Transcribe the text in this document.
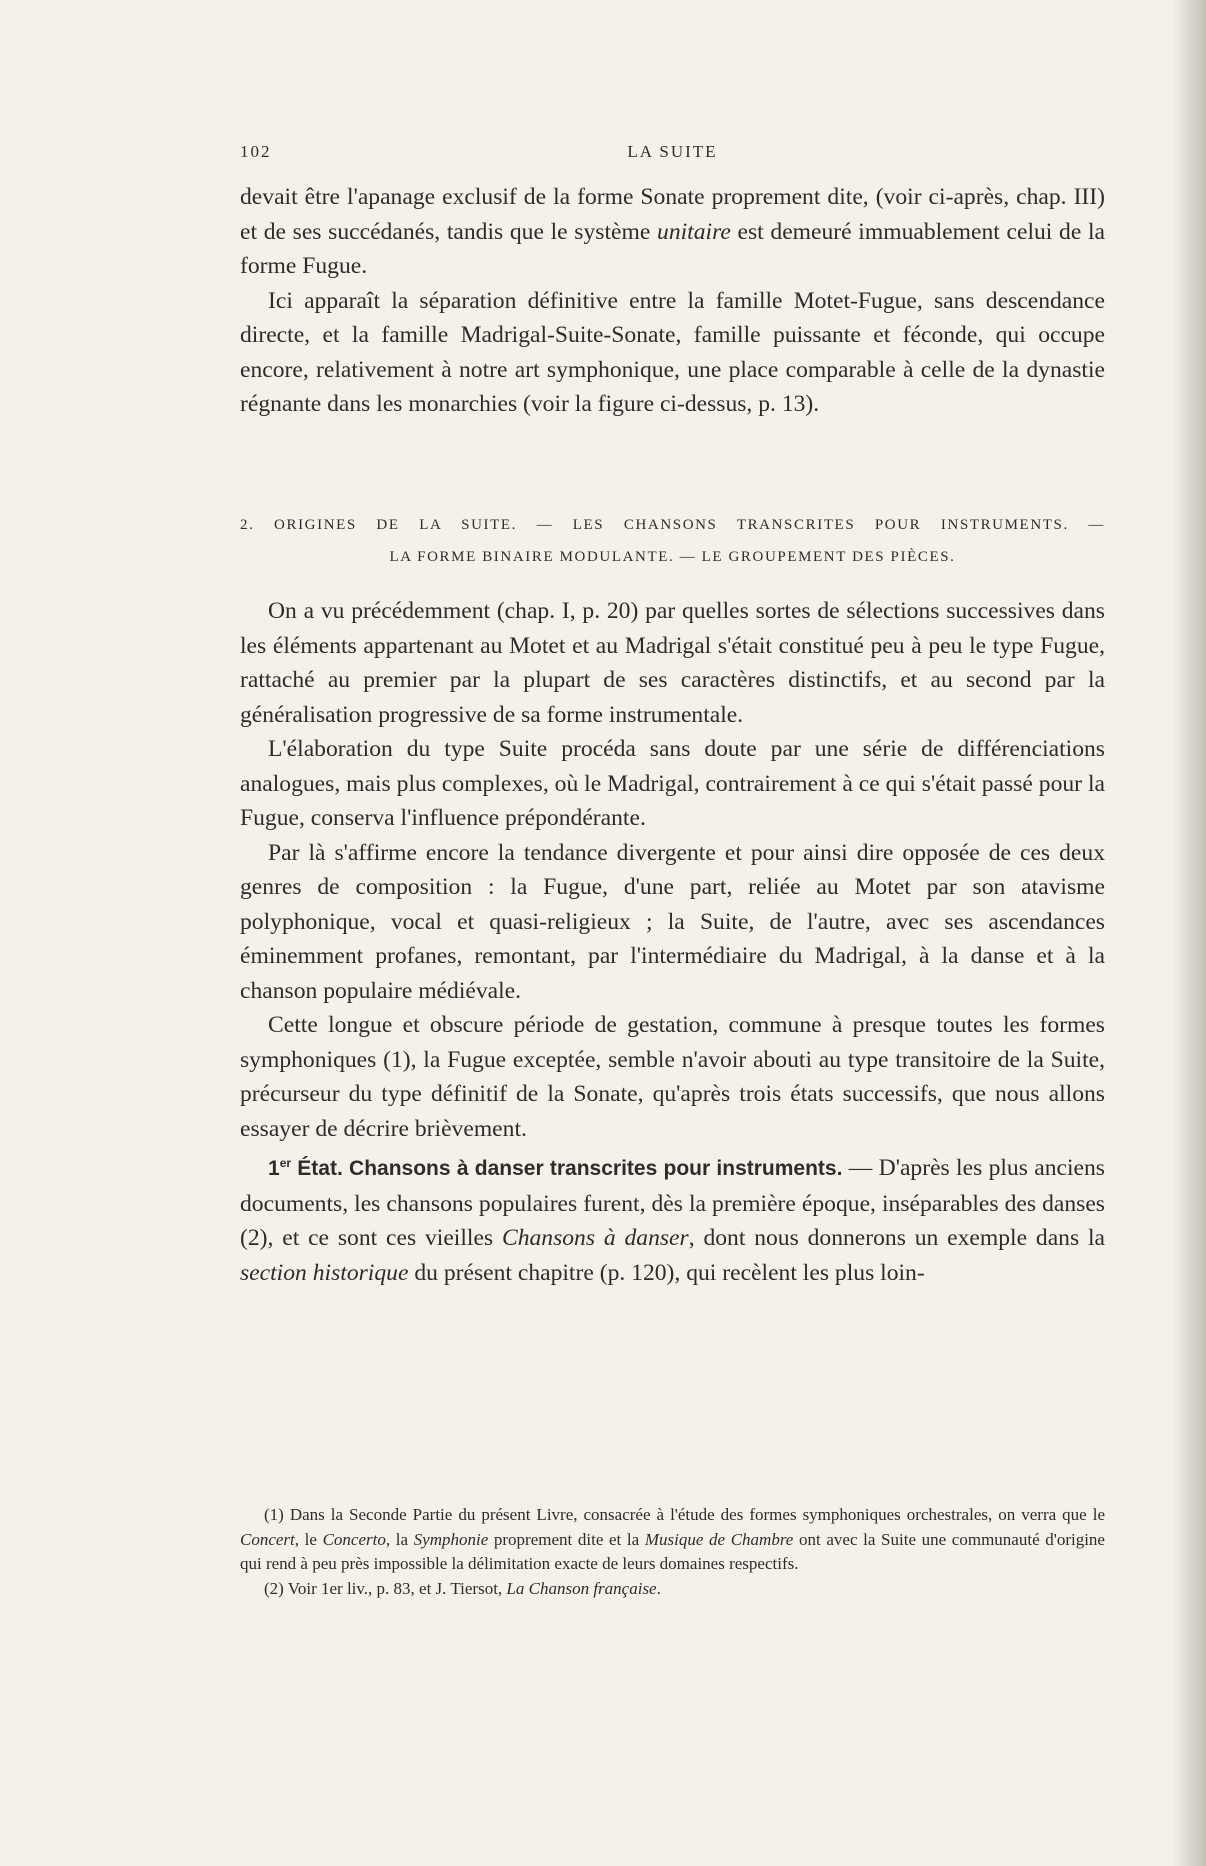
102	LA SUITE

devait être l'apanage exclusif de la forme Sonate proprement dite, (voir ci-après, chap. III) et de ses succédanés, tandis que le système unitaire est demeuré immuablement celui de la forme Fugue.

Ici apparaît la séparation définitive entre la famille Motet-Fugue, sans descendance directe, et la famille Madrigal-Suite-Sonate, famille puissante et féconde, qui occupe encore, relativement à notre art symphonique, une place comparable à celle de la dynastie régnante dans les monarchies (voir la figure ci-dessus, p. 13).

2. ORIGINES DE LA SUITE. — LES CHANSONS TRANSCRITES POUR INSTRUMENTS. —
LA FORME BINAIRE MODULANTE. — LE GROUPEMENT DES PIÈCES.

On a vu précédemment (chap. I, p. 20) par quelles sortes de sélections successives dans les éléments appartenant au Motet et au Madrigal s'était constitué peu à peu le type Fugue, rattaché au premier par la plupart de ses caractères distinctifs, et au second par la généralisation progressive de sa forme instrumentale.

L'élaboration du type Suite procéda sans doute par une série de différenciations analogues, mais plus complexes, où le Madrigal, contrairement à ce qui s'était passé pour la Fugue, conserva l'influence prépondérante.

Par là s'affirme encore la tendance divergente et pour ainsi dire opposée de ces deux genres de composition : la Fugue, d'une part, reliée au Motet par son atavisme polyphonique, vocal et quasi-religieux ; la Suite, de l'autre, avec ses ascendances éminemment profanes, remontant, par l'intermédiaire du Madrigal, à la danse et à la chanson populaire médiévale.

Cette longue et obscure période de gestation, commune à presque toutes les formes symphoniques (1), la Fugue exceptée, semble n'avoir abouti au type transitoire de la Suite, précurseur du type définitif de la Sonate, qu'après trois états successifs, que nous allons essayer de décrire brièvement.

1er État. Chansons à danser transcrites pour instruments. — D'après les plus anciens documents, les chansons populaires furent, dès la première époque, inséparables des danses (2), et ce sont ces vieilles Chansons à danser, dont nous donnerons un exemple dans la section historique du présent chapitre (p. 120), qui recèlent les plus loin-

(1) Dans la Seconde Partie du présent Livre, consacrée à l'étude des formes symphoniques orchestrales, on verra que le Concert, le Concerto, la Symphonie proprement dite et la Musique de Chambre ont avec la Suite une communauté d'origine qui rend à peu près impossible la délimitation exacte de leurs domaines respectifs.

(2) Voir 1er liv., p. 83, et J. Tiersot, La Chanson française.
